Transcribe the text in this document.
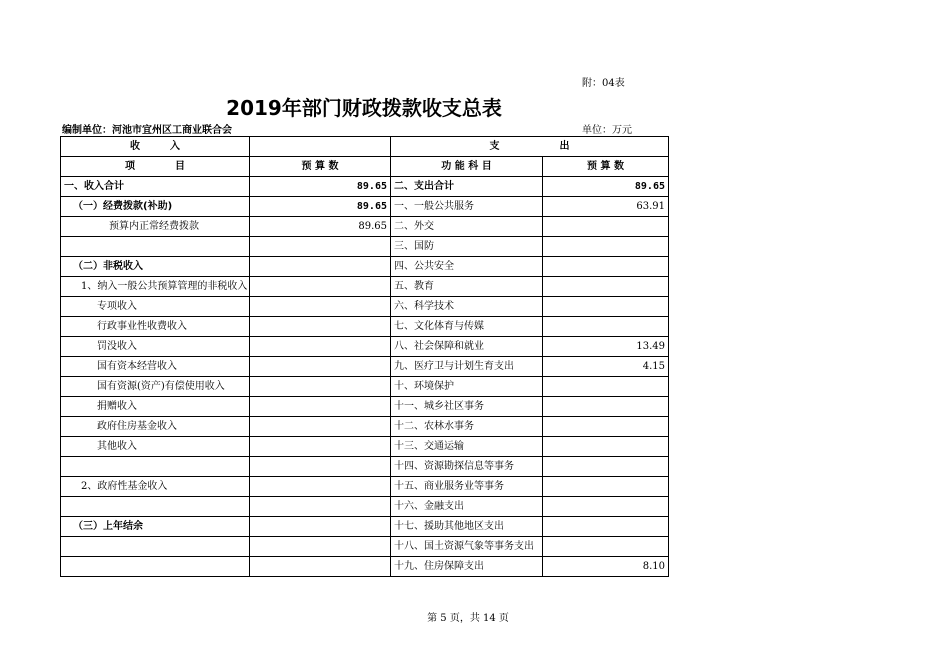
附：04表
2019年部门财政拨款收支总表
编制单位：河池市宜州区工商业联合会	单位：万元
收　　　入		支　　　　　　出	
项　　　　目	预 算 数	功 能 科 目	预 算 数
一、收入合计	89.65	二、支出合计	89.65
（一）经费拨款(补助)	89.65	一、一般公共服务	63.91
预算内正常经费拨款	89.65	二、外交	
		三、国防	
（二）非税收入		四、公共安全	
1、纳入一般公共预算管理的非税收入		五、教育	
专项收入		六、科学技术	
行政事业性收费收入		七、文化体育与传媒	
罚没收入		八、社会保障和就业	13.49
国有资本经营收入		九、医疗卫与计划生育支出	4.15
国有资源(资产)有偿使用收入		十、环境保护	
捐赠收入		十一、城乡社区事务	
政府住房基金收入		十二、农林水事务	
其他收入		十三、交通运输	
		十四、资源勘探信息等事务	
2、政府性基金收入		十五、商业服务业等事务	
		十六、金融支出	
（三）上年结余		十七、援助其他地区支出	
		十八、国土资源气象等事务支出	
		十九、住房保障支出	8.10
第 5 页，共 14 页
